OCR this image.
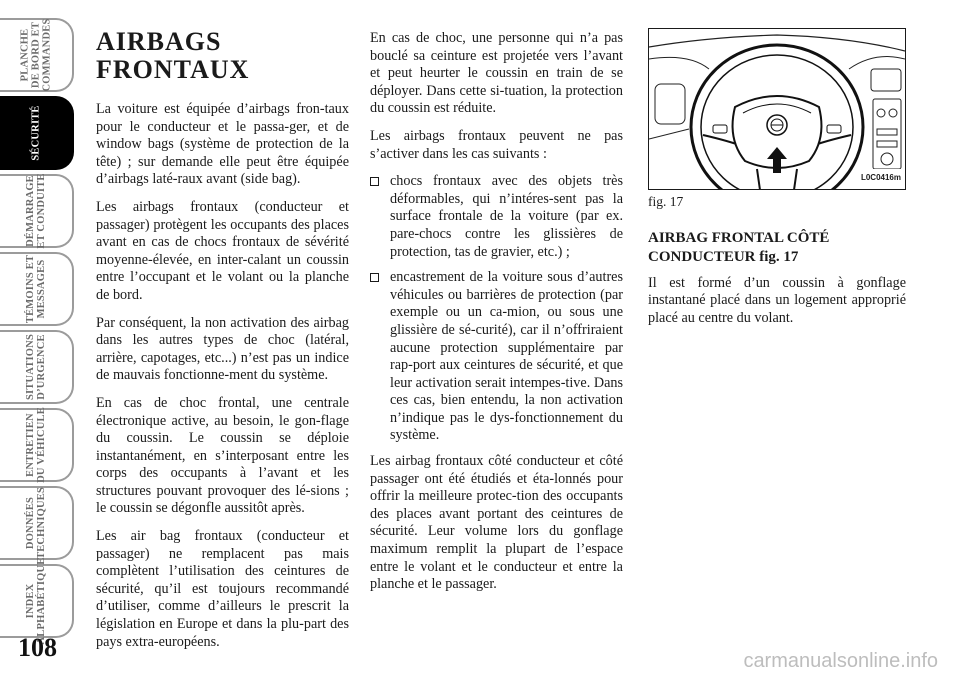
PLANCHE
DE BORD ET
COMMANDES
SÉCURITÉ
DÉMARRAGE
ET CONDUITE
TÉMOINS ET
MESSAGES
SITUATIONS
D’URGENCE
ENTRETIEN
DU VÉHICULE
DONNÉES
TECHNIQUES
INDEX
ALPHABÉTIQUE
108
AIRBAGS FRONTAUX

La voiture est équipée d’airbags fron-taux pour le conducteur et le passa-ger, et de window bags (système de protection de la tête) ; sur demande elle peut être équipée d’airbags laté-raux avant (side bag).

Les airbags frontaux (conducteur et passager) protègent les occupants des places avant en cas de chocs frontaux de sévérité moyenne-élevée, en inter-calant un coussin entre l’occupant et le volant ou la planche de bord.

Par conséquent, la non activation des airbag dans les autres types de choc (latéral, arrière, capotages, etc...) n’est pas un indice de mauvais fonctionne-ment du système.

En cas de choc frontal, une centrale électronique active, au besoin, le gon-flage du coussin. Le coussin se déploie instantanément, en s’interposant entre les corps des occupants à l’avant et les structures pouvant provoquer des lé-sions ; le coussin se dégonfle aussitôt après.

Les air bag frontaux (conducteur et passager) ne remplacent pas mais complètent l’utilisation des ceintures de sécurité, qu’il est toujours recommandé d’utiliser, comme d’ailleurs le prescrit la législation en Europe et dans la plu-part des pays extra-européens.

En cas de choc, une personne qui n’a pas bouclé sa ceinture est projetée vers l’avant et peut heurter le coussin en train de se déployer. Dans cette si-tuation, la protection du coussin est réduite.

Les airbags frontaux peuvent ne pas s’activer dans les cas suivants :

chocs frontaux avec des objets très déformables, qui n’intéres-sent pas la surface frontale de la voiture (par ex. pare-chocs contre les glissières de protection, tas de gravier, etc.) ;
encastrement de la voiture sous d’autres véhicules ou barrières de protection (par exemple ou un ca-mion, ou sous une glissière de sé-curité), car il n’offriraient aucune protection supplémentaire par rap-port aux ceintures de sécurité, et que leur activation serait intempes-tive. Dans ces cas, bien entendu, la non activation n’indique pas le dys-fonctionnement du système.

Les airbag frontaux côté conducteur et côté passager ont été étudiés et éta-lonnés pour offrir la meilleure protec-tion des occupants des places avant portant des ceintures de sécurité. Leur volume lors du gonflage maximum remplit la plupart de l’espace entre le volant et le conducteur et entre la planche et le passager.

L0C0416m
fig. 17
AIRBAG FRONTAL CÔTÉ CONDUCTEUR fig. 17

Il est formé d’un coussin à gonflage instantané placé dans un logement approprié placé au centre du volant.

carmanualsonline.info
